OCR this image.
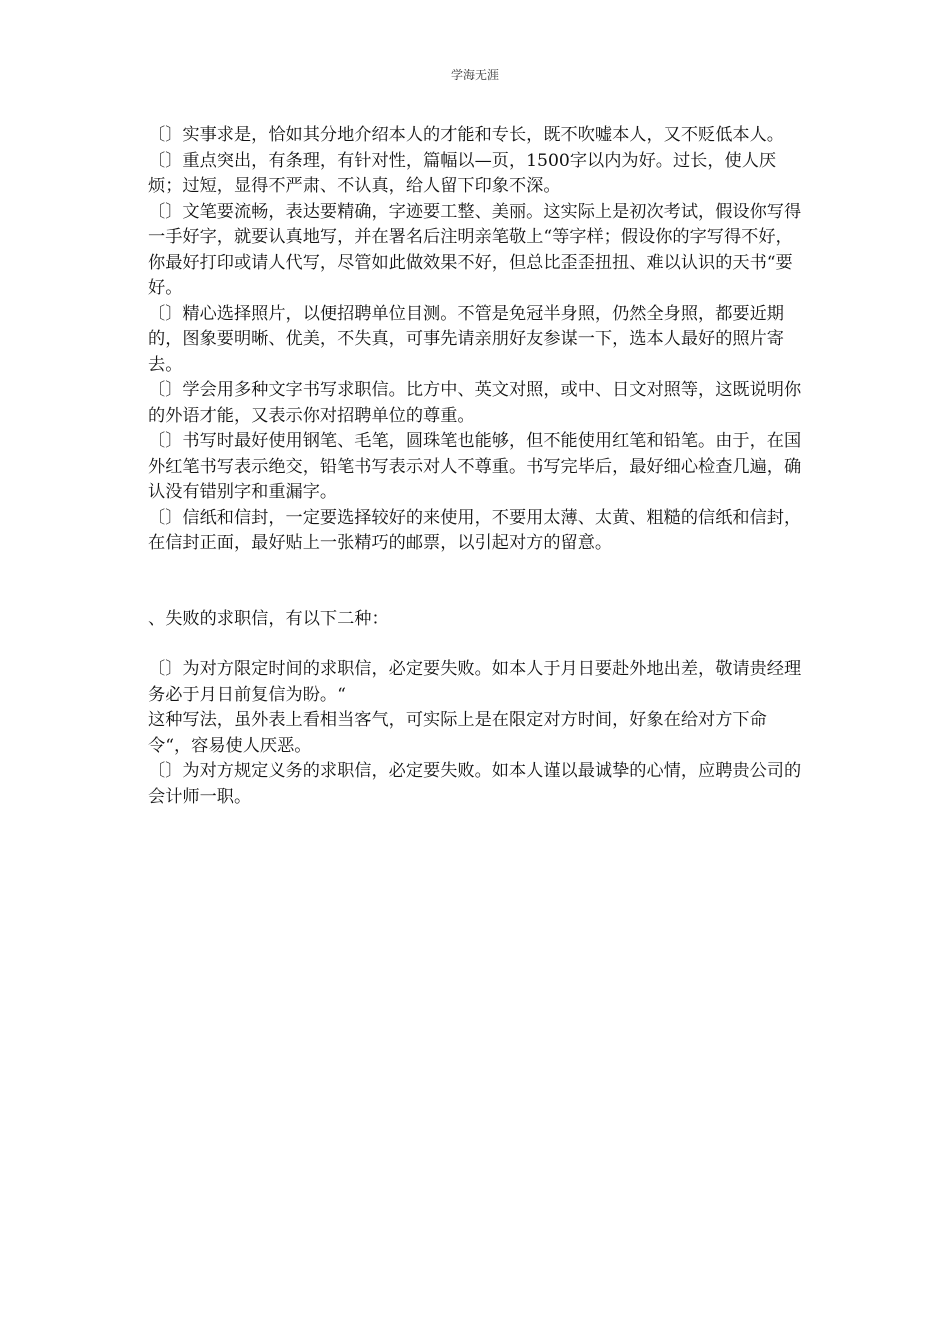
学海无涯

〔〕实事求是，恰如其分地介绍本人的才能和专长，既不吹嘘本人，又不贬低本人。

〔〕重点突出，有条理，有针对性，篇幅以—页，1500字以内为好。过长，使人厌烦；过短，显得不严肃、不认真，给人留下印象不深。

〔〕文笔要流畅，表达要精确，字迹要工整、美丽。这实际上是初次考试，假设你写得一手好字，就要认真地写，并在署名后注明亲笔敬上“等字样；假设你的字写得不好，你最好打印或请人代写，尽管如此做效果不好，但总比歪歪扭扭、难以认识的天书“要好。

〔〕精心选择照片，以便招聘单位目测。不管是免冠半身照，仍然全身照，都要近期的，图象要明晰、优美，不失真，可事先请亲朋好友参谋一下，选本人最好的照片寄去。

〔〕学会用多种文字书写求职信。比方中、英文对照，或中、日文对照等，这既说明你的外语才能，又表示你对招聘单位的尊重。

〔〕书写时最好使用钢笔、毛笔，圆珠笔也能够，但不能使用红笔和铅笔。由于，在国外红笔书写表示绝交，铅笔书写表示对人不尊重。书写完毕后，最好细心检查几遍，确认没有错别字和重漏字。

〔〕信纸和信封，一定要选择较好的来使用，不要用太薄、太黄、粗糙的信纸和信封，在信封正面，最好贴上一张精巧的邮票，以引起对方的留意。

、失败的求职信，有以下二种：

〔〕为对方限定时间的求职信，必定要失败。如本人于月日要赴外地出差，敬请贵经理务必于月日前复信为盼。“

这种写法，虽外表上看相当客气，可实际上是在限定对方时间，好象在给对方下命令“，容易使人厌恶。

〔〕为对方规定义务的求职信，必定要失败。如本人谨以最诚挚的心情，应聘贵公司的会计师一职。
